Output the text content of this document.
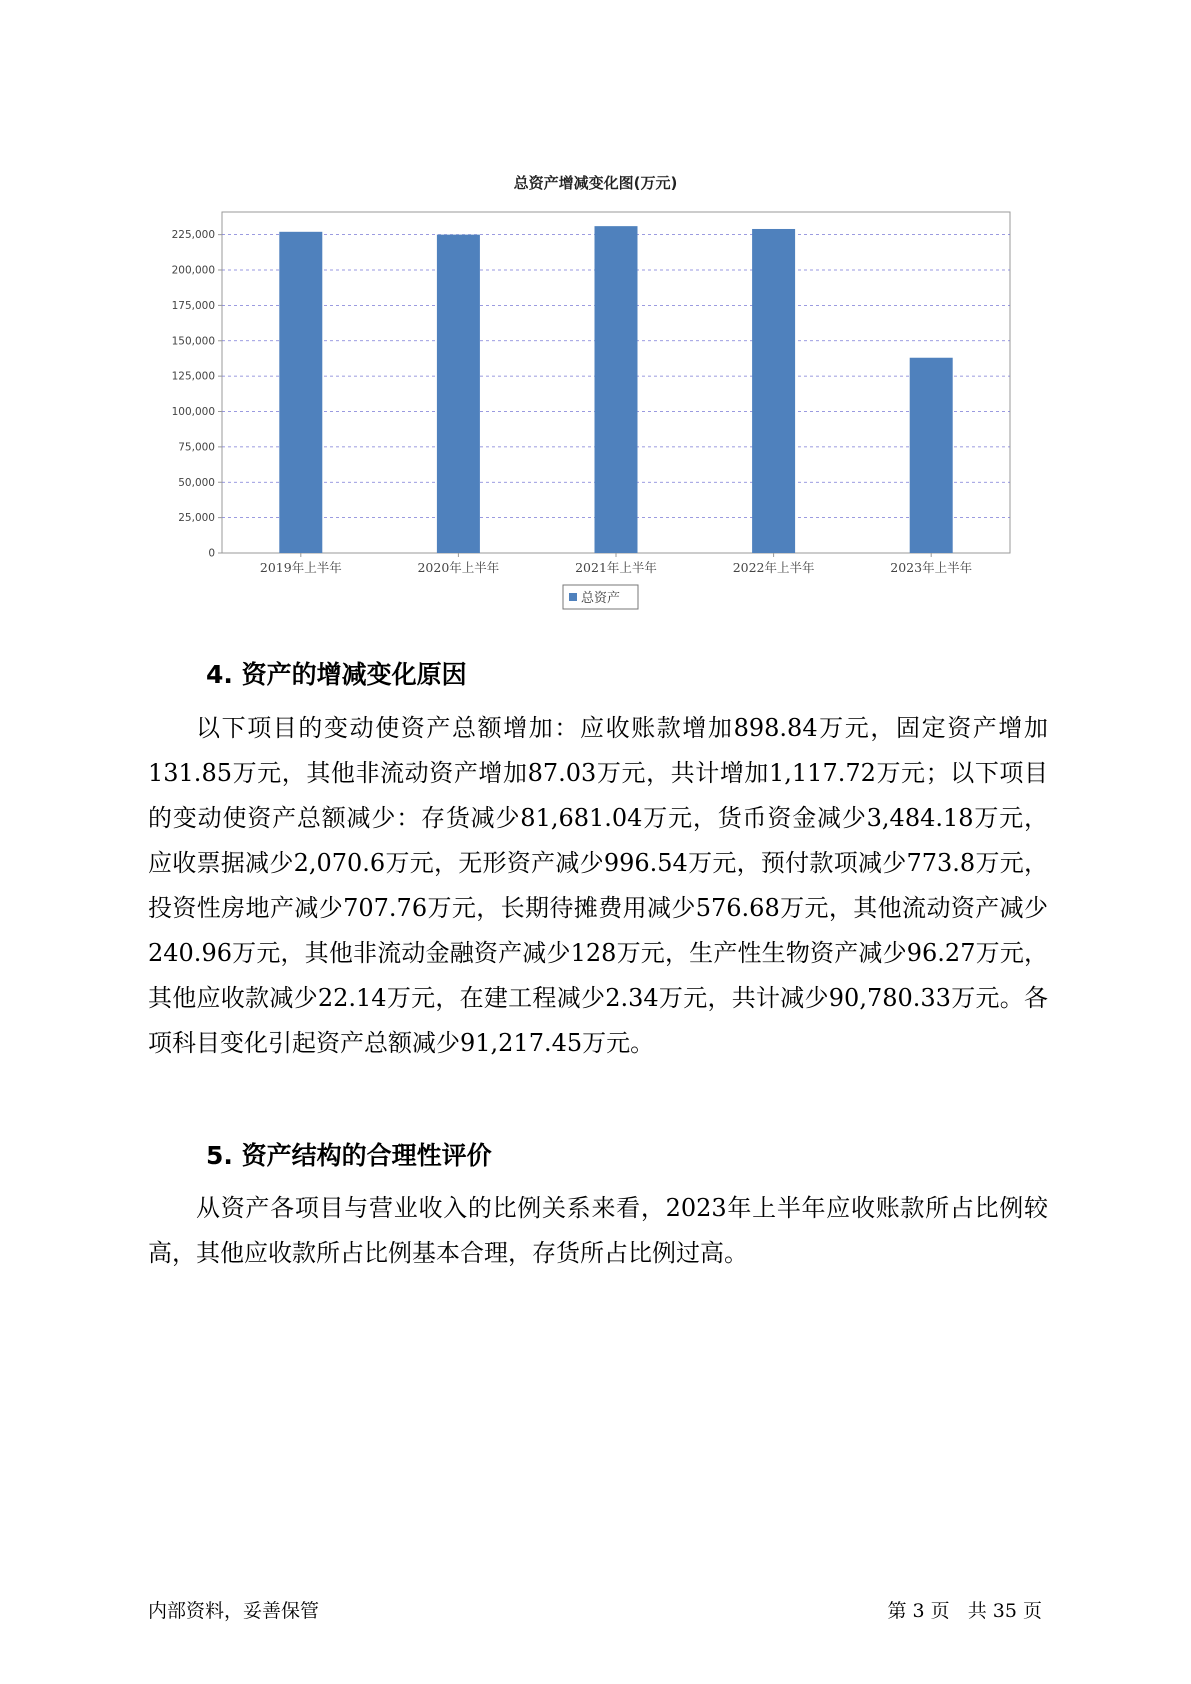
总资产增减变化图(万元)
0
25,000
50,000
75,000
100,000
125,000
150,000
175,000
200,000
225,000
2019年上半年	2020年上半年	2021年上半年	2022年上半年	2023年上半年
总资产
4. 资产的增减变化原因

以下项目的变动使资产总额增加：应收账款增加898.84万元，固定资产增加131.85万元，其他非流动资产增加87.03万元，共计增加1,117.72万元；以下项目的变动使资产总额减少：存货减少81,681.04万元，货币资金减少3,484.18万元，应收票据减少2,070.6万元，无形资产减少996.54万元，预付款项减少773.8万元，投资性房地产减少707.76万元，长期待摊费用减少576.68万元，其他流动资产减少240.96万元，其他非流动金融资产减少128万元，生产性生物资产减少96.27万元，其他应收款减少22.14万元，在建工程减少2.34万元，共计减少90,780.33万元。各项科目变化引起资产总额减少91,217.45万元。

5. 资产结构的合理性评价

从资产各项目与营业收入的比例关系来看，2023年上半年应收账款所占比例较高，其他应收款所占比例基本合理，存货所占比例过高。

内部资料，妥善保管	第 3 页   共 35 页
